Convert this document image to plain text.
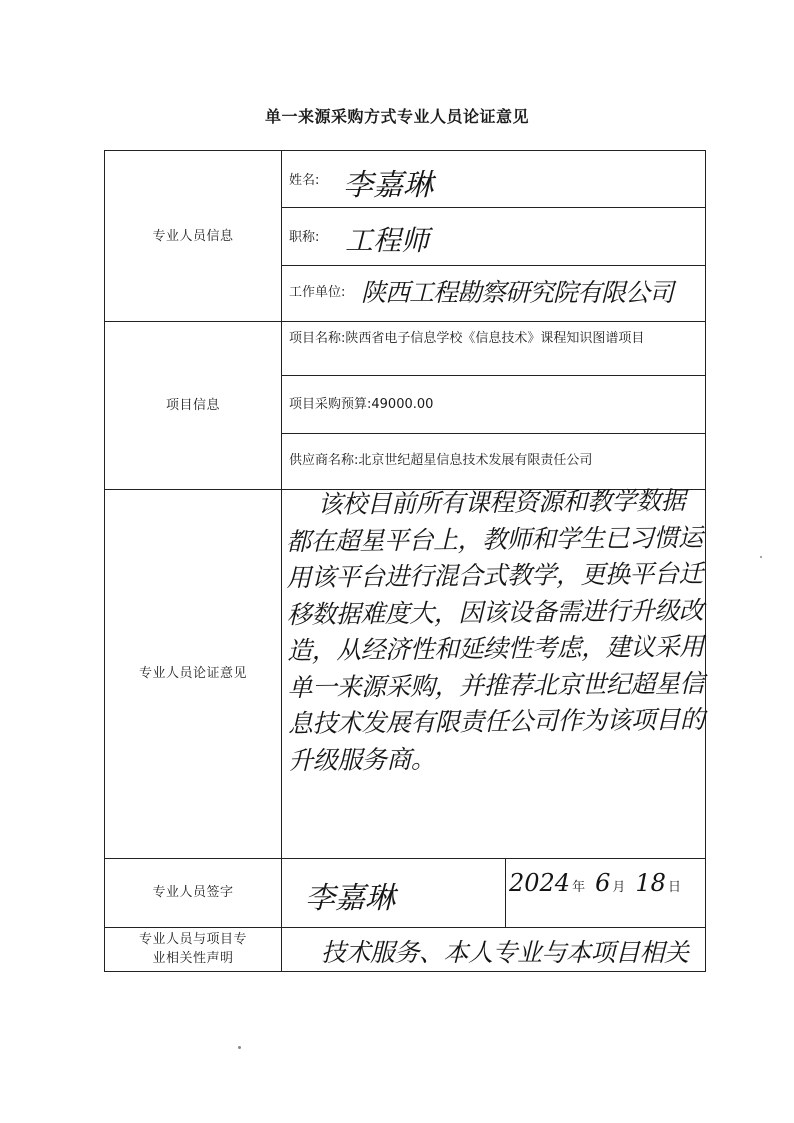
单一来源采购方式专业人员论证意见
专业人员信息
项目信息
专业人员论证意见
专业人员签字
专业人员与项目专业相关性声明
姓名: 李嘉琳
职称: 工程师
工作单位: 陕西工程勘察研究院有限公司
项目名称:陕西省电子信息学校《信息技术》课程知识图谱项目
项目采购预算:49000.00
供应商名称:北京世纪超星信息技术发展有限责任公司
该校目前所有课程资源和教学数据都在超星平台上，教师和学生已习惯运用该平台进行混合式教学，更换平台迁移数据难度大，因该设备需进行升级改造，从经济性和延续性考虑，建议采用单一来源采购，并推荐北京世纪超星信息技术发展有限责任公司作为该项目的升级服务商。
李嘉琳	2024 年 6 月 18 日
技术服务、本人专业与本项目相关
